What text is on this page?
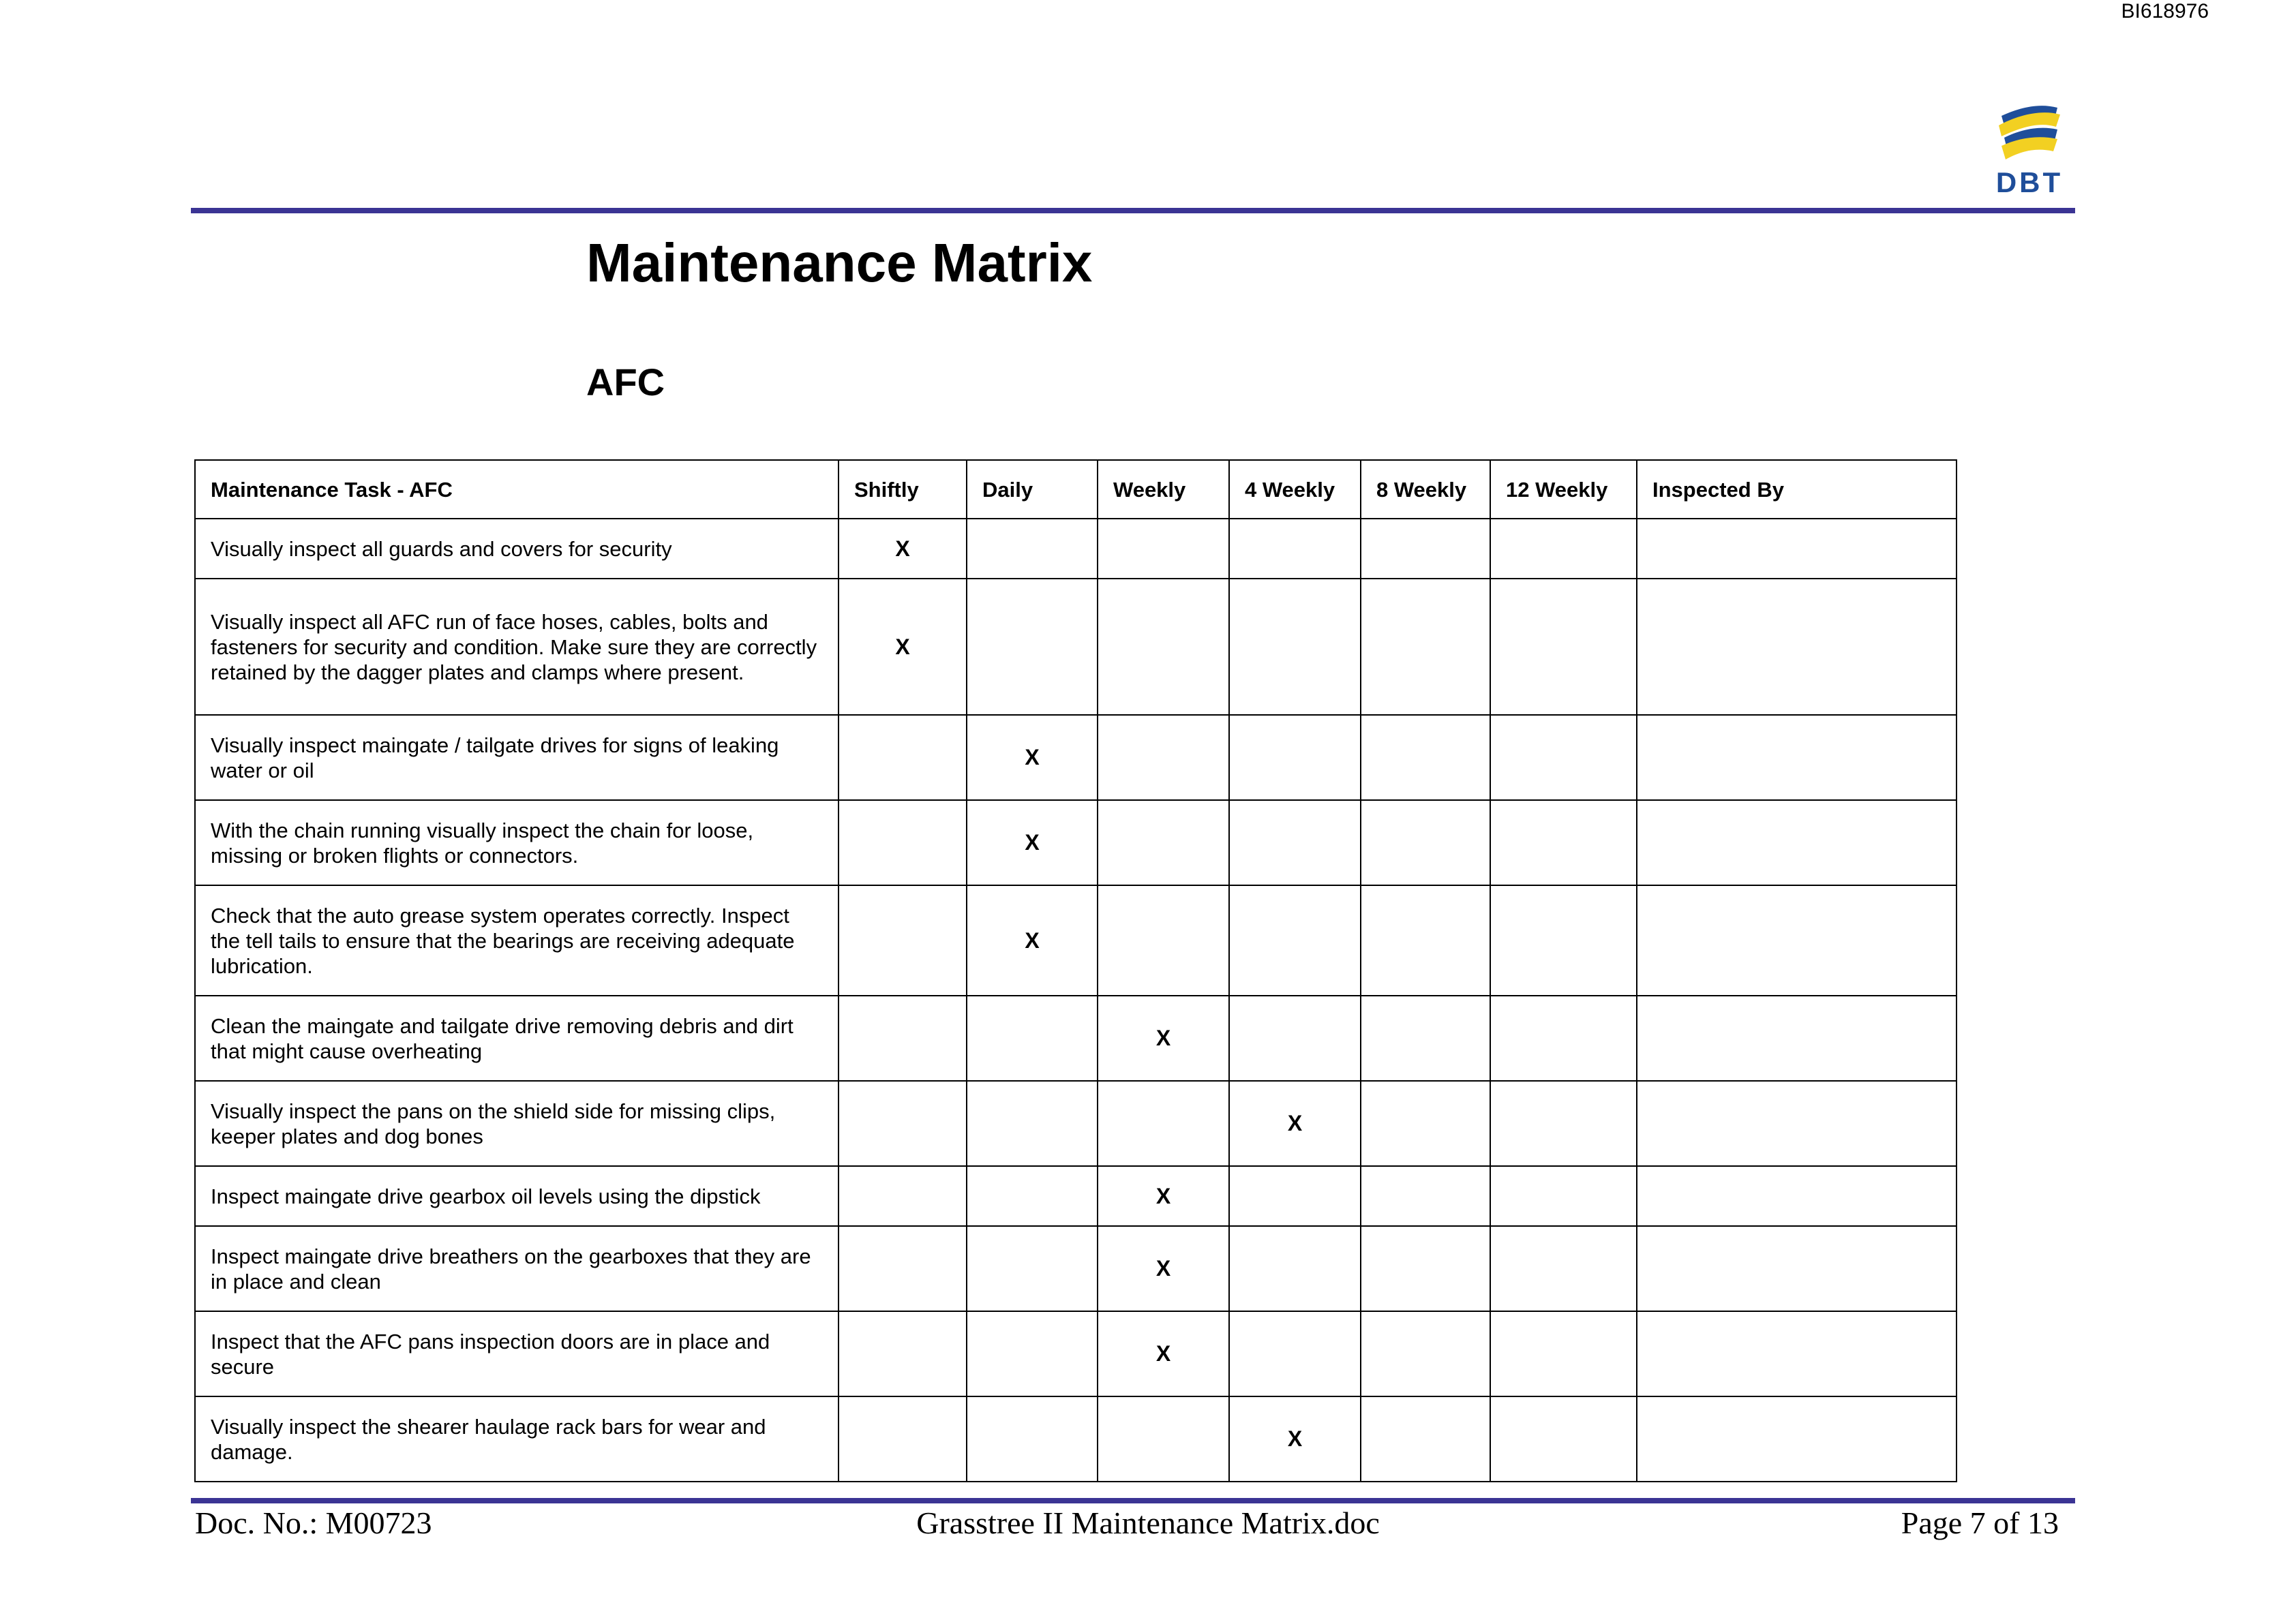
BI618976
DBT
Maintenance Matrix
AFC
Maintenance Task - AFC	Shiftly	Daily	Weekly	4 Weekly	8 Weekly	12 Weekly	Inspected By
Visually inspect all guards and covers for security	X						
Visually inspect all AFC run of face hoses, cables, bolts and fasteners for security and condition. Make sure they are correctly retained by the dagger plates and clamps where present.	X						
Visually inspect maingate / tailgate drives for signs of leaking water or oil		X					
With the chain running visually inspect the chain for loose, missing or broken flights or connectors.		X					
Check that the auto grease system operates correctly. Inspect the tell tails to ensure that the bearings are receiving adequate lubrication.		X					
Clean the maingate and tailgate drive removing debris and dirt that might cause overheating			X				
Visually inspect the pans on the shield side for missing clips, keeper plates and dog bones				X			
Inspect maingate drive gearbox oil levels using the dipstick			X				
Inspect maingate drive breathers on the gearboxes that they are in place and clean			X				
Inspect that the AFC pans inspection doors are in place and secure			X				
Visually inspect the shearer haulage rack bars for wear and damage.				X			
Doc. No.: M00723	Grasstree II Maintenance Matrix.doc	Page 7 of 13
